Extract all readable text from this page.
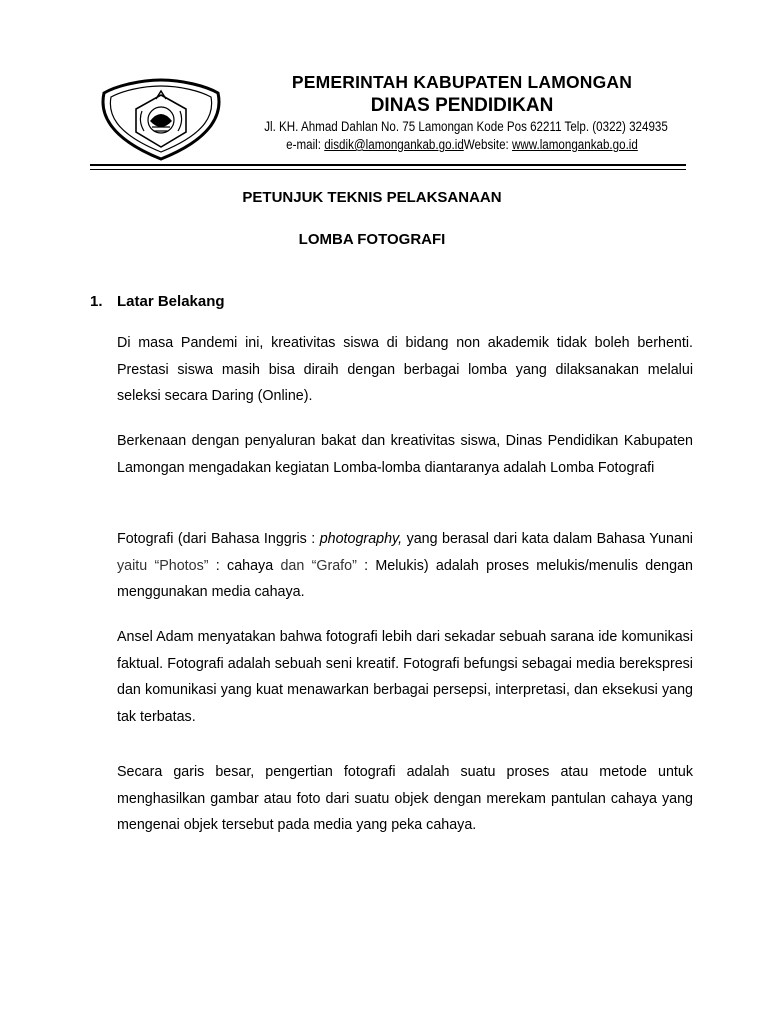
PEMERINTAH KABUPATEN LAMONGAN
DINAS PENDIDIKAN
Jl. KH. Ahmad Dahlan No. 75 Lamongan Kode Pos 62211 Telp. (0322) 324935
e-mail: disdik@lamongankab.go.idWebsite: www.lamongankab.go.id
PETUNJUK TEKNIS PELAKSANAAN
LOMBA FOTOGRAFI
1. Latar Belakang
Di masa Pandemi ini, kreativitas siswa di bidang non akademik tidak boleh berhenti. Prestasi siswa masih bisa diraih dengan berbagai lomba yang dilaksanakan melalui seleksi secara Daring (Online).
Berkenaan dengan penyaluran bakat dan kreativitas siswa, Dinas Pendidikan Kabupaten Lamongan mengadakan kegiatan Lomba-lomba diantaranya adalah Lomba Fotografi
Fotografi (dari Bahasa Inggris : photography, yang berasal dari kata dalam Bahasa Yunani yaitu “Photos” : cahaya dan “Grafo” : Melukis) adalah proses melukis/menulis dengan menggunakan media cahaya.
Ansel Adam menyatakan bahwa fotografi lebih dari sekadar sebuah sarana ide komunikasi faktual. Fotografi adalah sebuah seni kreatif. Fotografi befungsi sebagai media berekspresi dan komunikasi yang kuat menawarkan berbagai persepsi, interpretasi, dan eksekusi yang tak terbatas.
Secara garis besar, pengertian fotografi adalah suatu proses atau metode untuk menghasilkan gambar atau foto dari suatu objek dengan merekam pantulan cahaya yang mengenai objek tersebut pada media yang peka cahaya.
